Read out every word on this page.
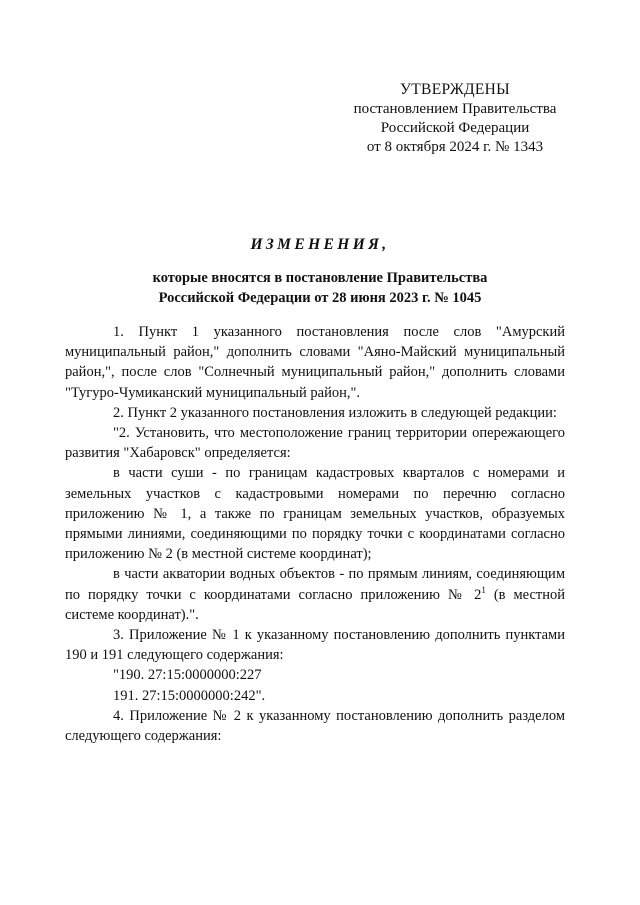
УТВЕРЖДЕНЫ
постановлением Правительства
Российской Федерации
от 8 октября 2024 г. № 1343
ИЗМЕНЕНИЯ,
которые вносятся в постановление Правительства
Российской Федерации от 28 июня 2023 г. № 1045

1. Пункт 1 указанного постановления после слов "Амурский муниципальный район," дополнить словами "Аяно-Майский муниципальный район,", после слов "Солнечный муниципальный район," дополнить словами "Тугуро-Чумиканский муниципальный район,".

2. Пункт 2 указанного постановления изложить в следующей редакции:

"2. Установить, что местоположение границ территории опережающего развития "Хабаровск" определяется:

в части суши - по границам кадастровых кварталов с номерами и земельных участков с кадастровыми номерами по перечню согласно приложению № 1, а также по границам земельных участков, образуемых прямыми линиями, соединяющими по порядку точки с координатами согласно приложению № 2 (в местной системе координат);

в части акватории водных объектов - по прямым линиям, соединяющим по порядку точки с координатами согласно приложению № $2^1$ (в местной системе координат).".

3. Приложение № 1 к указанному постановлению дополнить пунктами 190 и 191 следующего содержания:

"190. 27:15:0000000:227

191. 27:15:0000000:242".

4. Приложение № 2 к указанному постановлению дополнить разделом следующего содержания:
